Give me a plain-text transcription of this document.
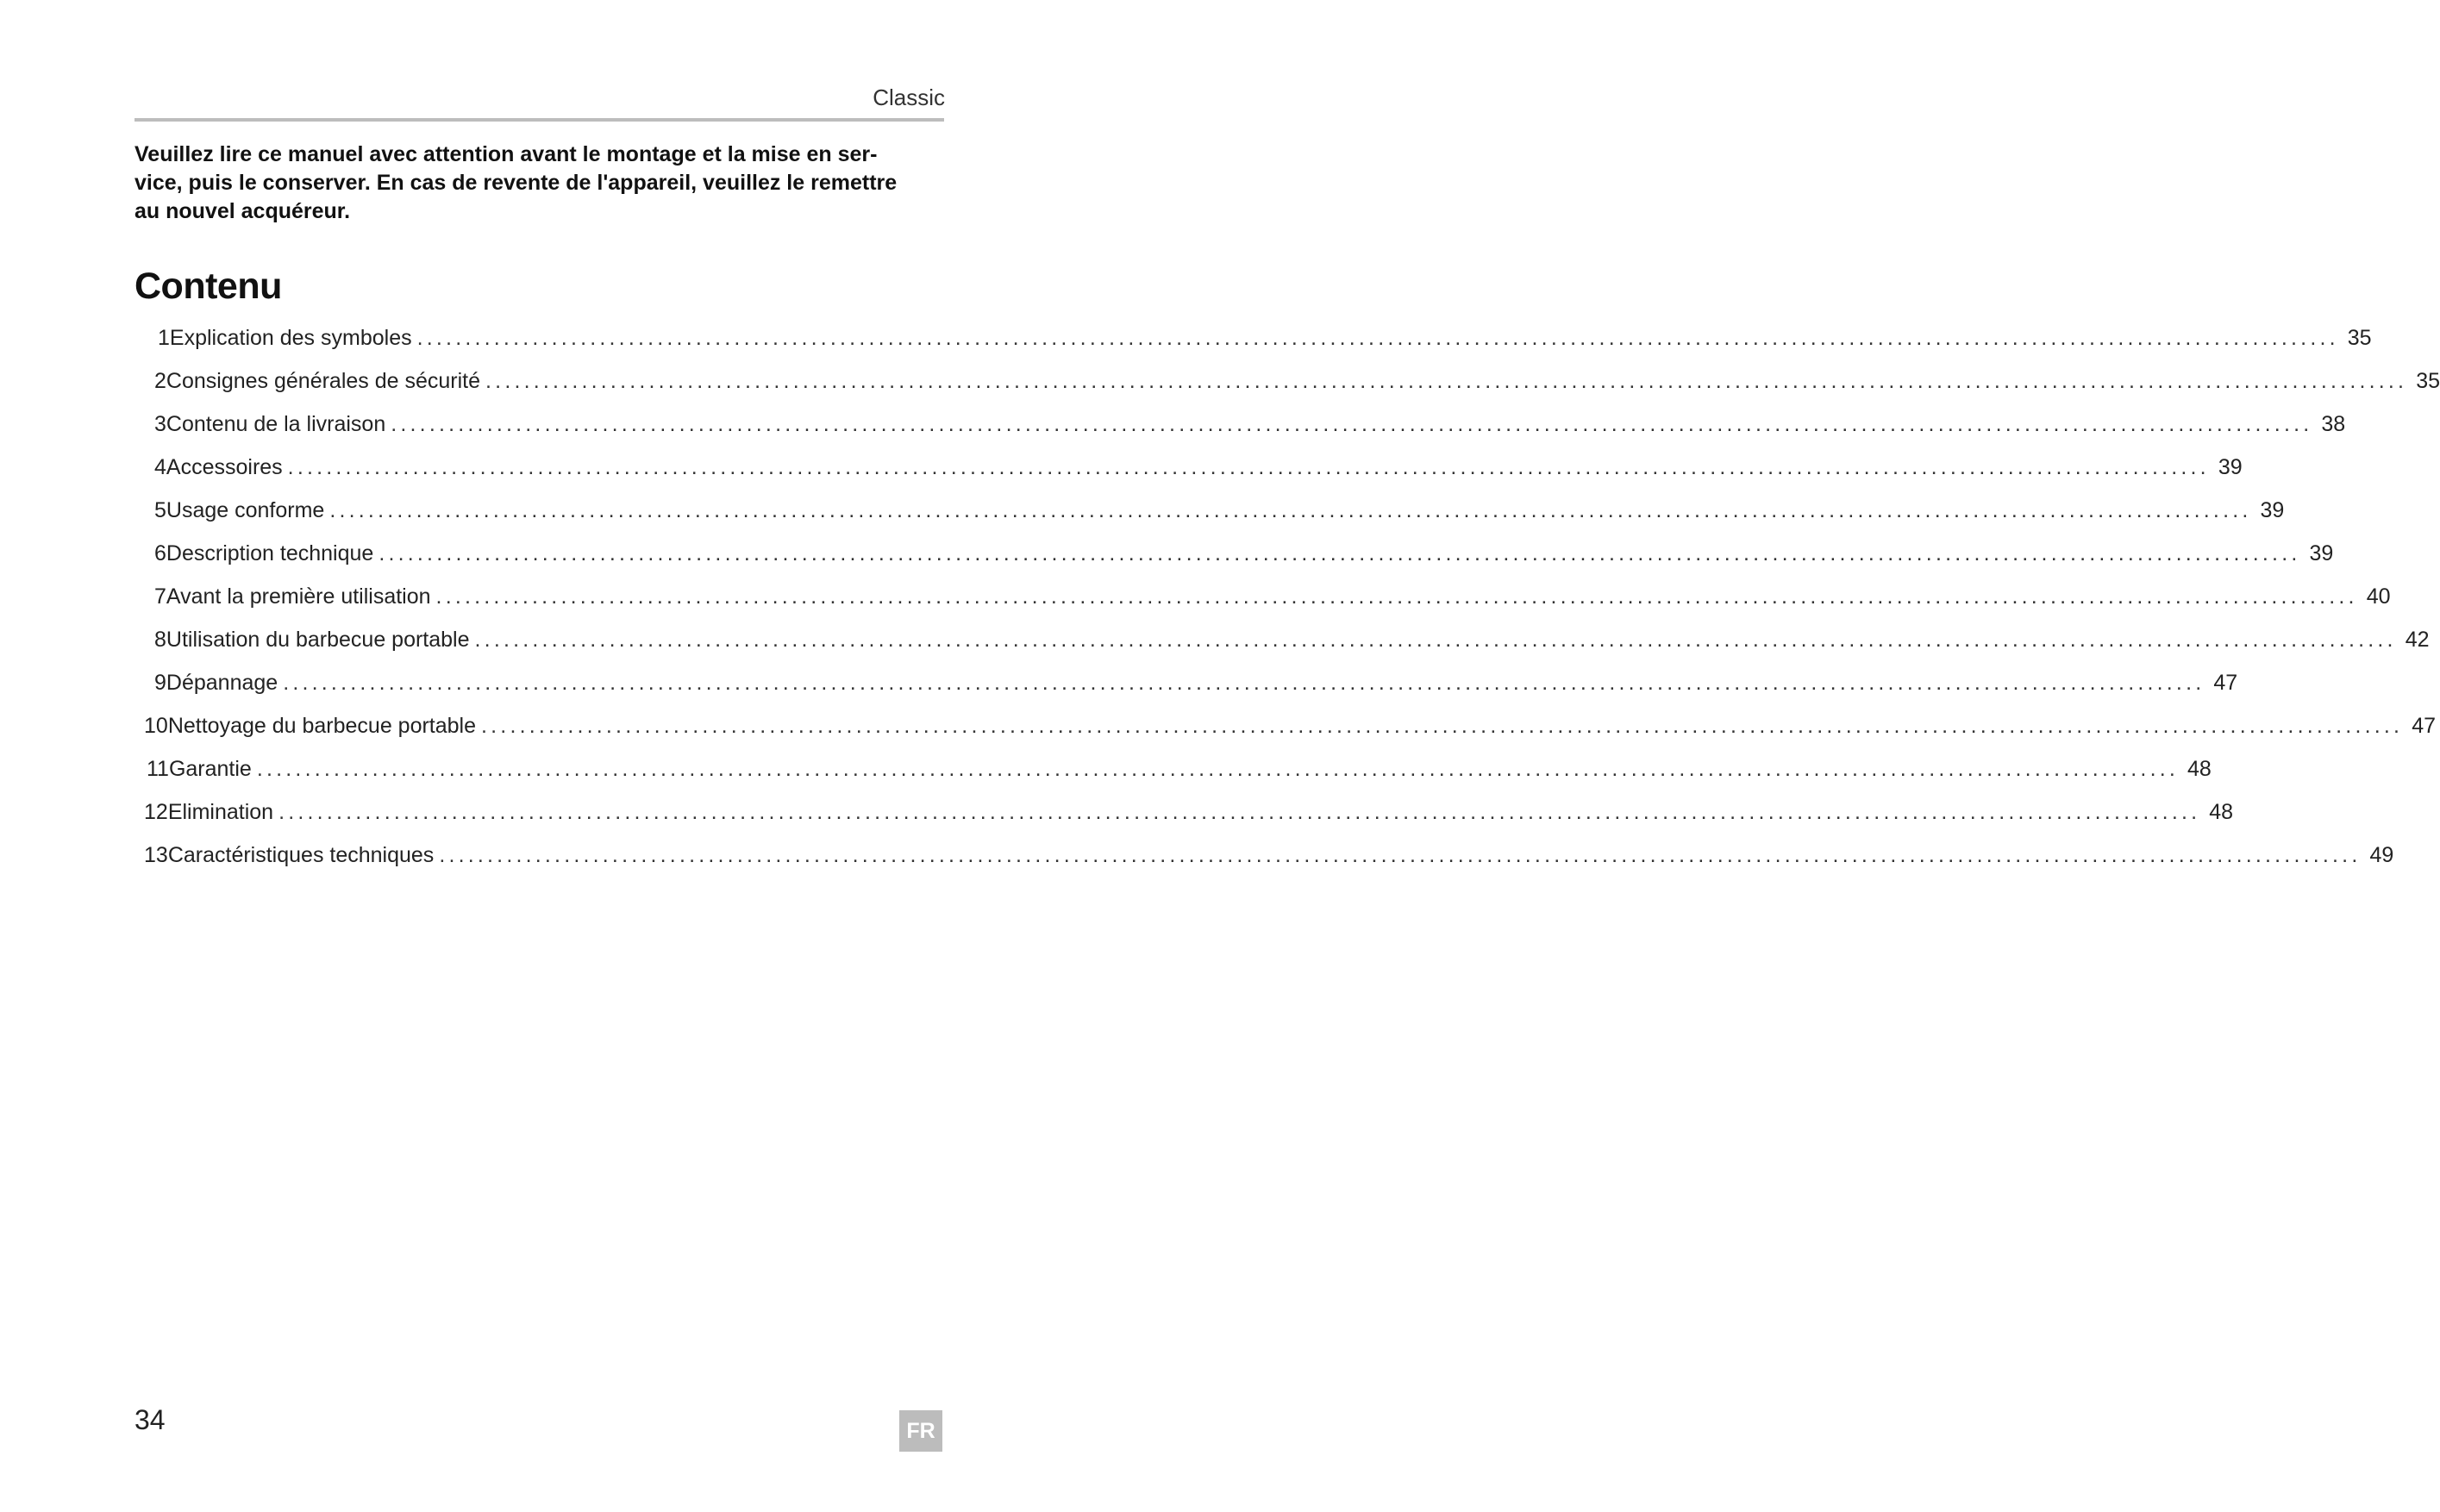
Classic
Veuillez lire ce manuel avec attention avant le montage et la mise en ser-
vice, puis le conserver. En cas de revente de l'appareil, veuillez le remettre
au nouvel acquéreur.
Contenu
1 Explication des symboles ........................................................................................................................................................................................................ 35
2 Consignes générales de sécurité ........................................................................................................................................................................................................ 35
3 Contenu de la livraison ........................................................................................................................................................................................................ 38
4 Accessoires ........................................................................................................................................................................................................ 39
5 Usage conforme ........................................................................................................................................................................................................ 39
6 Description technique ........................................................................................................................................................................................................ 39
7 Avant la première utilisation ........................................................................................................................................................................................................ 40
8 Utilisation du barbecue portable ........................................................................................................................................................................................................ 42
9 Dépannage ........................................................................................................................................................................................................ 47
10 Nettoyage du barbecue portable ........................................................................................................................................................................................................ 47
11 Garantie ........................................................................................................................................................................................................ 48
12 Elimination ........................................................................................................................................................................................................ 48
13 Caractéristiques techniques ........................................................................................................................................................................................................ 49
34	FR
